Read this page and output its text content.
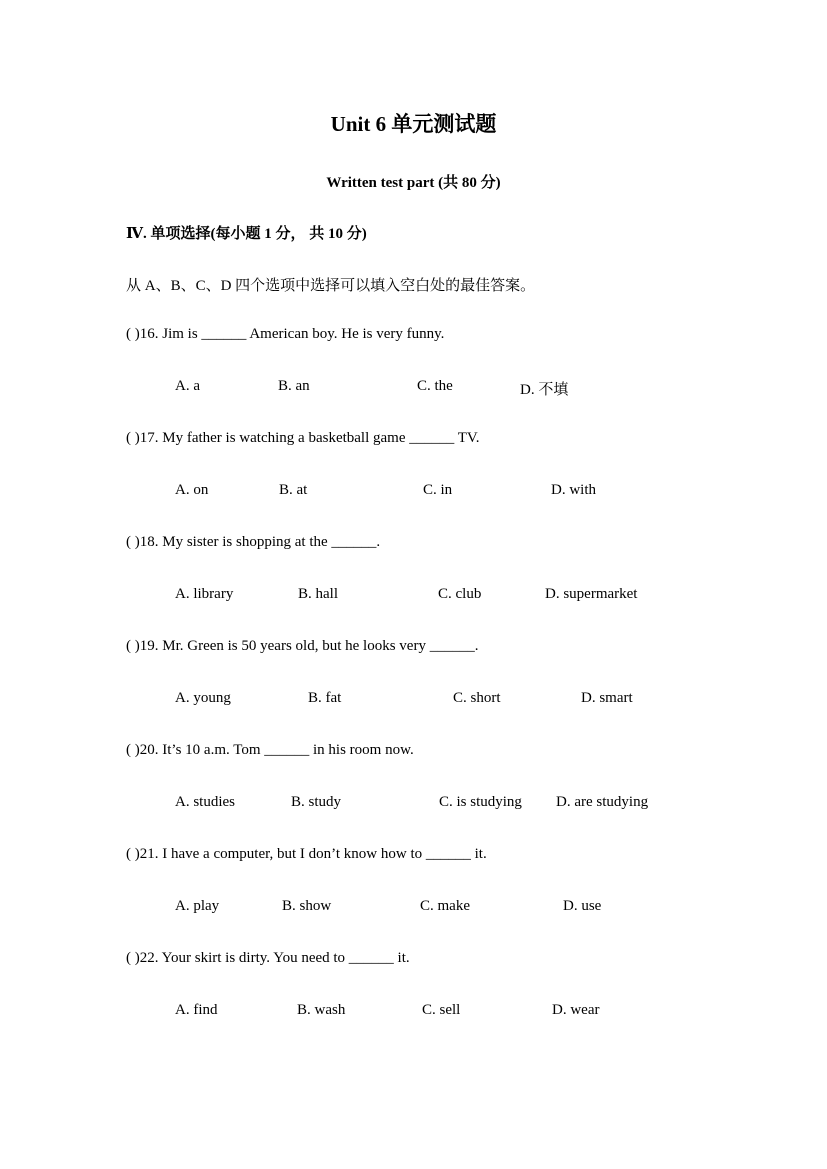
Unit 6 单元测试题
Written test part (共 80 分)
Ⅳ. 单项选择(每小题 1 分， 共 10 分)
从 A、B、C、D 四个选项中选择可以填入空白处的最佳答案。
( )16. Jim is ______ American boy. He is very funny.
A. a	B. an	C. the	D. 不填
( )17. My father is watching a basketball game ______ TV.
A. on	B. at	C. in	D. with
( )18. My sister is shopping at the ______.
A. library	B. hall	C. club	D. supermarket
( )19. Mr. Green is 50 years old, but he looks very ______.
A. young	B. fat	C. short	D. smart
( )20. It’s 10 a.m. Tom ______ in his room now.
A. studies	B. study	C. is studying D. are studying
( )21. I have a computer, but I don’t know how to ______ it.
A. play	B. show	C. make	D. use
( )22. Your skirt is dirty. You need to ______ it.
A. find	B. wash	C. sell	D. wear
